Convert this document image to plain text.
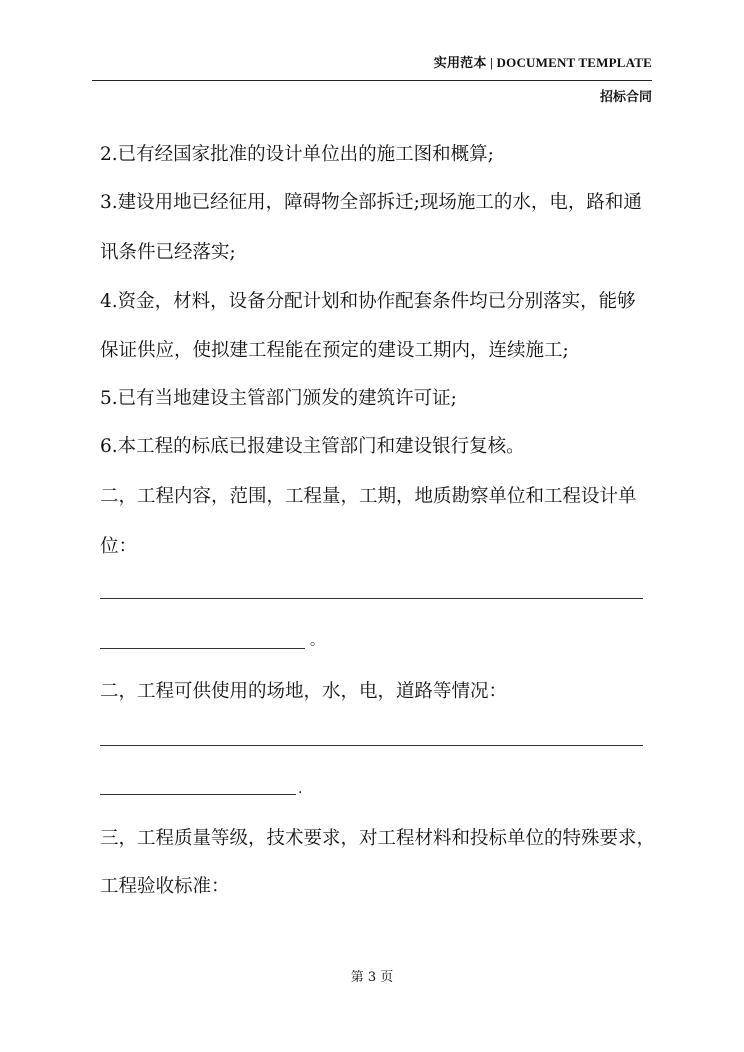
实用范本 | DOCUMENT TEMPLATE
招标合同
2.已有经国家批准的设计单位出的施工图和概算;
3.建设用地已经征用，障碍物全部拆迁;现场施工的水，电，路和通
讯条件已经落实;
4.资金，材料，设备分配计划和协作配套条件均已分别落实，能够
保证供应，使拟建工程能在预定的建设工期内，连续施工;
5.已有当地建设主管部门颁发的建筑许可证;
6.本工程的标底已报建设主管部门和建设银行复核。
二，工程内容，范围，工程量，工期，地质勘察单位和工程设计单
位：
。
二，工程可供使用的场地，水，电，道路等情况：
.
三，工程质量等级，技术要求，对工程材料和投标单位的特殊要求，
工程验收标准：
第 3 页
